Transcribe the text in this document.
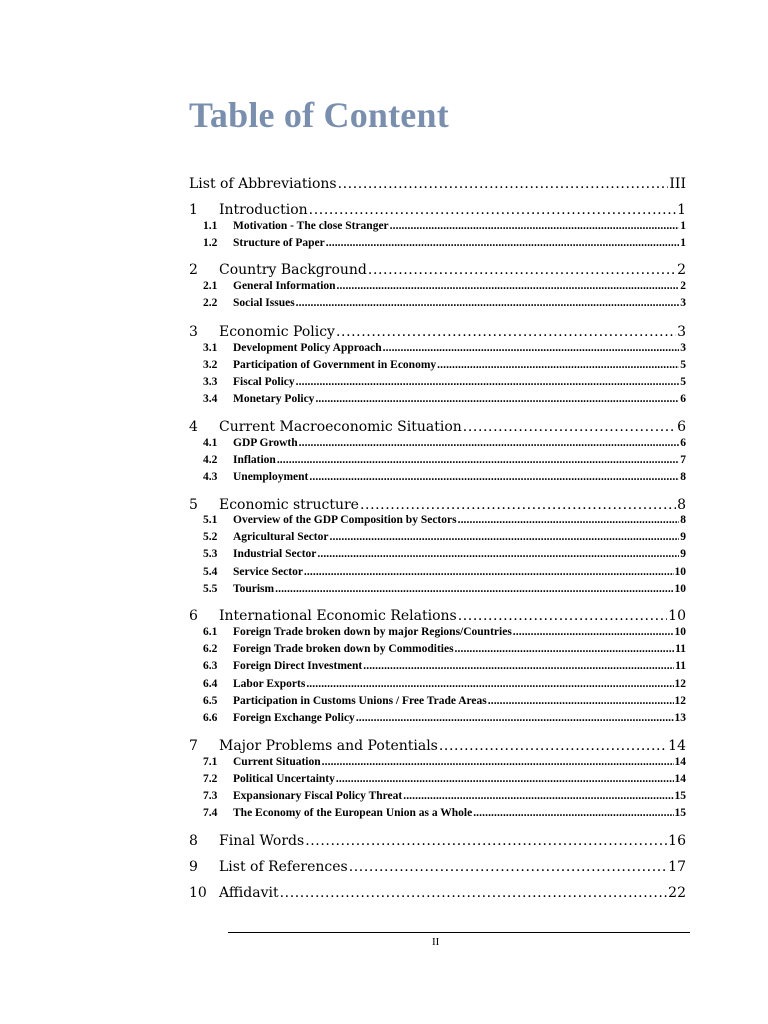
Table of Content
List of Abbreviations .....	III
1	Introduction .....	1
1.1	Motivation - The close Stranger .....	1
1.2	Structure of Paper .....	1
2	Country Background .....	2
2.1	General Information .....	2
2.2	Social Issues .....	3
3	Economic Policy .....	3
3.1	Development Policy Approach .....	3
3.2	Participation of Government in Economy .....	5
3.3	Fiscal Policy .....	5
3.4	Monetary Policy .....	6
4	Current Macroeconomic Situation .....	6
4.1	GDP Growth .....	6
4.2	Inflation .....	7
4.3	Unemployment .....	8
5	Economic structure .....	8
5.1	Overview of the GDP Composition by Sectors .....	8
5.2	Agricultural Sector .....	9
5.3	Industrial Sector .....	9
5.4	Service Sector .....	10
5.5	Tourism .....	10
6	International Economic Relations .....	10
6.1	Foreign Trade broken down by major Regions/Countries .....	10
6.2	Foreign Trade broken down by Commodities .....	11
6.3	Foreign Direct Investment .....	11
6.4	Labor Exports .....	12
6.5	Participation in Customs Unions / Free Trade Areas .....	12
6.6	Foreign Exchange Policy .....	13
7	Major Problems and Potentials .....	14
7.1	Current Situation .....	14
7.2	Political Uncertainty .....	14
7.3	Expansionary Fiscal Policy Threat .....	15
7.4	The Economy of the European Union as a Whole .....	15
8	Final Words .....	16
9	List of References .....	17
10 Affidavit .....	22
II
